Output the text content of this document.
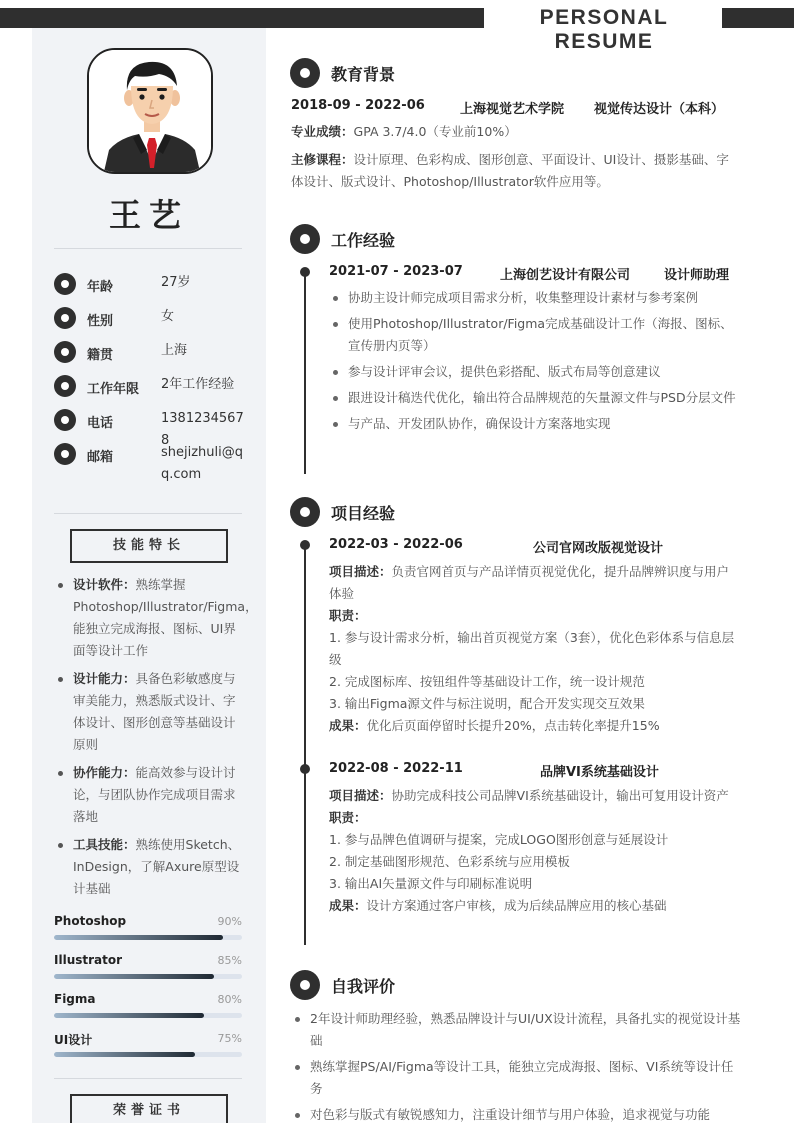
PERSONAL RESUME
王艺
年龄	27岁
性别	女
籍贯	上海
工作年限 2年工作经验
电话	13812345678
邮箱	shejizhuli@qq.com
技能特长
设计软件：熟练掌握Photoshop/Illustrator/Figma，能独立完成海报、图标、UI界面等设计工作
设计能力：具备色彩敏感度与审美能力，熟悉版式设计、字体设计、图形创意等基础设计原则
协作能力：能高效参与设计讨论，与团队协作完成项目需求落地
工具技能：熟练使用Sketch、InDesign，了解Axure原型设计基础
Photoshop	90%
Illustrator	85%
Figma	80%
UI设计	75%
荣誉证书
教育背景
2018-09 - 2022-06	上海视觉艺术学院 视觉传达设计（本科）
专业成绩：GPA 3.7/4.0（专业前10%）
主修课程：设计原理、色彩构成、图形创意、平面设计、UI设计、摄影基础、字体设计、版式设计、Photoshop/Illustrator软件应用等。
工作经验
2021-07 - 2023-07	上海创艺设计有限公司	设计师助理
协助主设计师完成项目需求分析，收集整理设计素材与参考案例
使用Photoshop/Illustrator/Figma完成基础设计工作（海报、图标、宣传册内页等）
参与设计评审会议，提供色彩搭配、版式布局等创意建议
跟进设计稿迭代优化，输出符合品牌规范的矢量源文件与PSD分层文件
与产品、开发团队协作，确保设计方案落地实现
项目经验
2022-03 - 2022-06	公司官网改版视觉设计
项目描述：负责官网首页与产品详情页视觉优化，提升品牌辨识度与用户体验
职责：
1. 参与设计需求分析，输出首页视觉方案（3套），优化色彩体系与信息层级
2. 完成图标库、按钮组件等基础设计工作，统一设计规范
3. 输出Figma源文件与标注说明，配合开发实现交互效果
成果：优化后页面停留时长提升20%，点击转化率提升15%
2022-08 - 2022-11	品牌VI系统基础设计
项目描述：协助完成科技公司品牌VI系统基础设计，输出可复用设计资产
职责：
1. 参与品牌色值调研与提案，完成LOGO图形创意与延展设计
2. 制定基础图形规范、色彩系统与应用模板
3. 输出AI矢量源文件与印刷标准说明
成果：设计方案通过客户审核，成为后续品牌应用的核心基础
自我评价
2年设计师助理经验，熟悉品牌设计与UI/UX设计流程，具备扎实的视觉设计基础
熟练掌握PS/AI/Figma等设计工具，能独立完成海报、图标、VI系统等设计任务
对色彩与版式有敏锐感知力，注重设计细节与用户体验，追求视觉与功能
